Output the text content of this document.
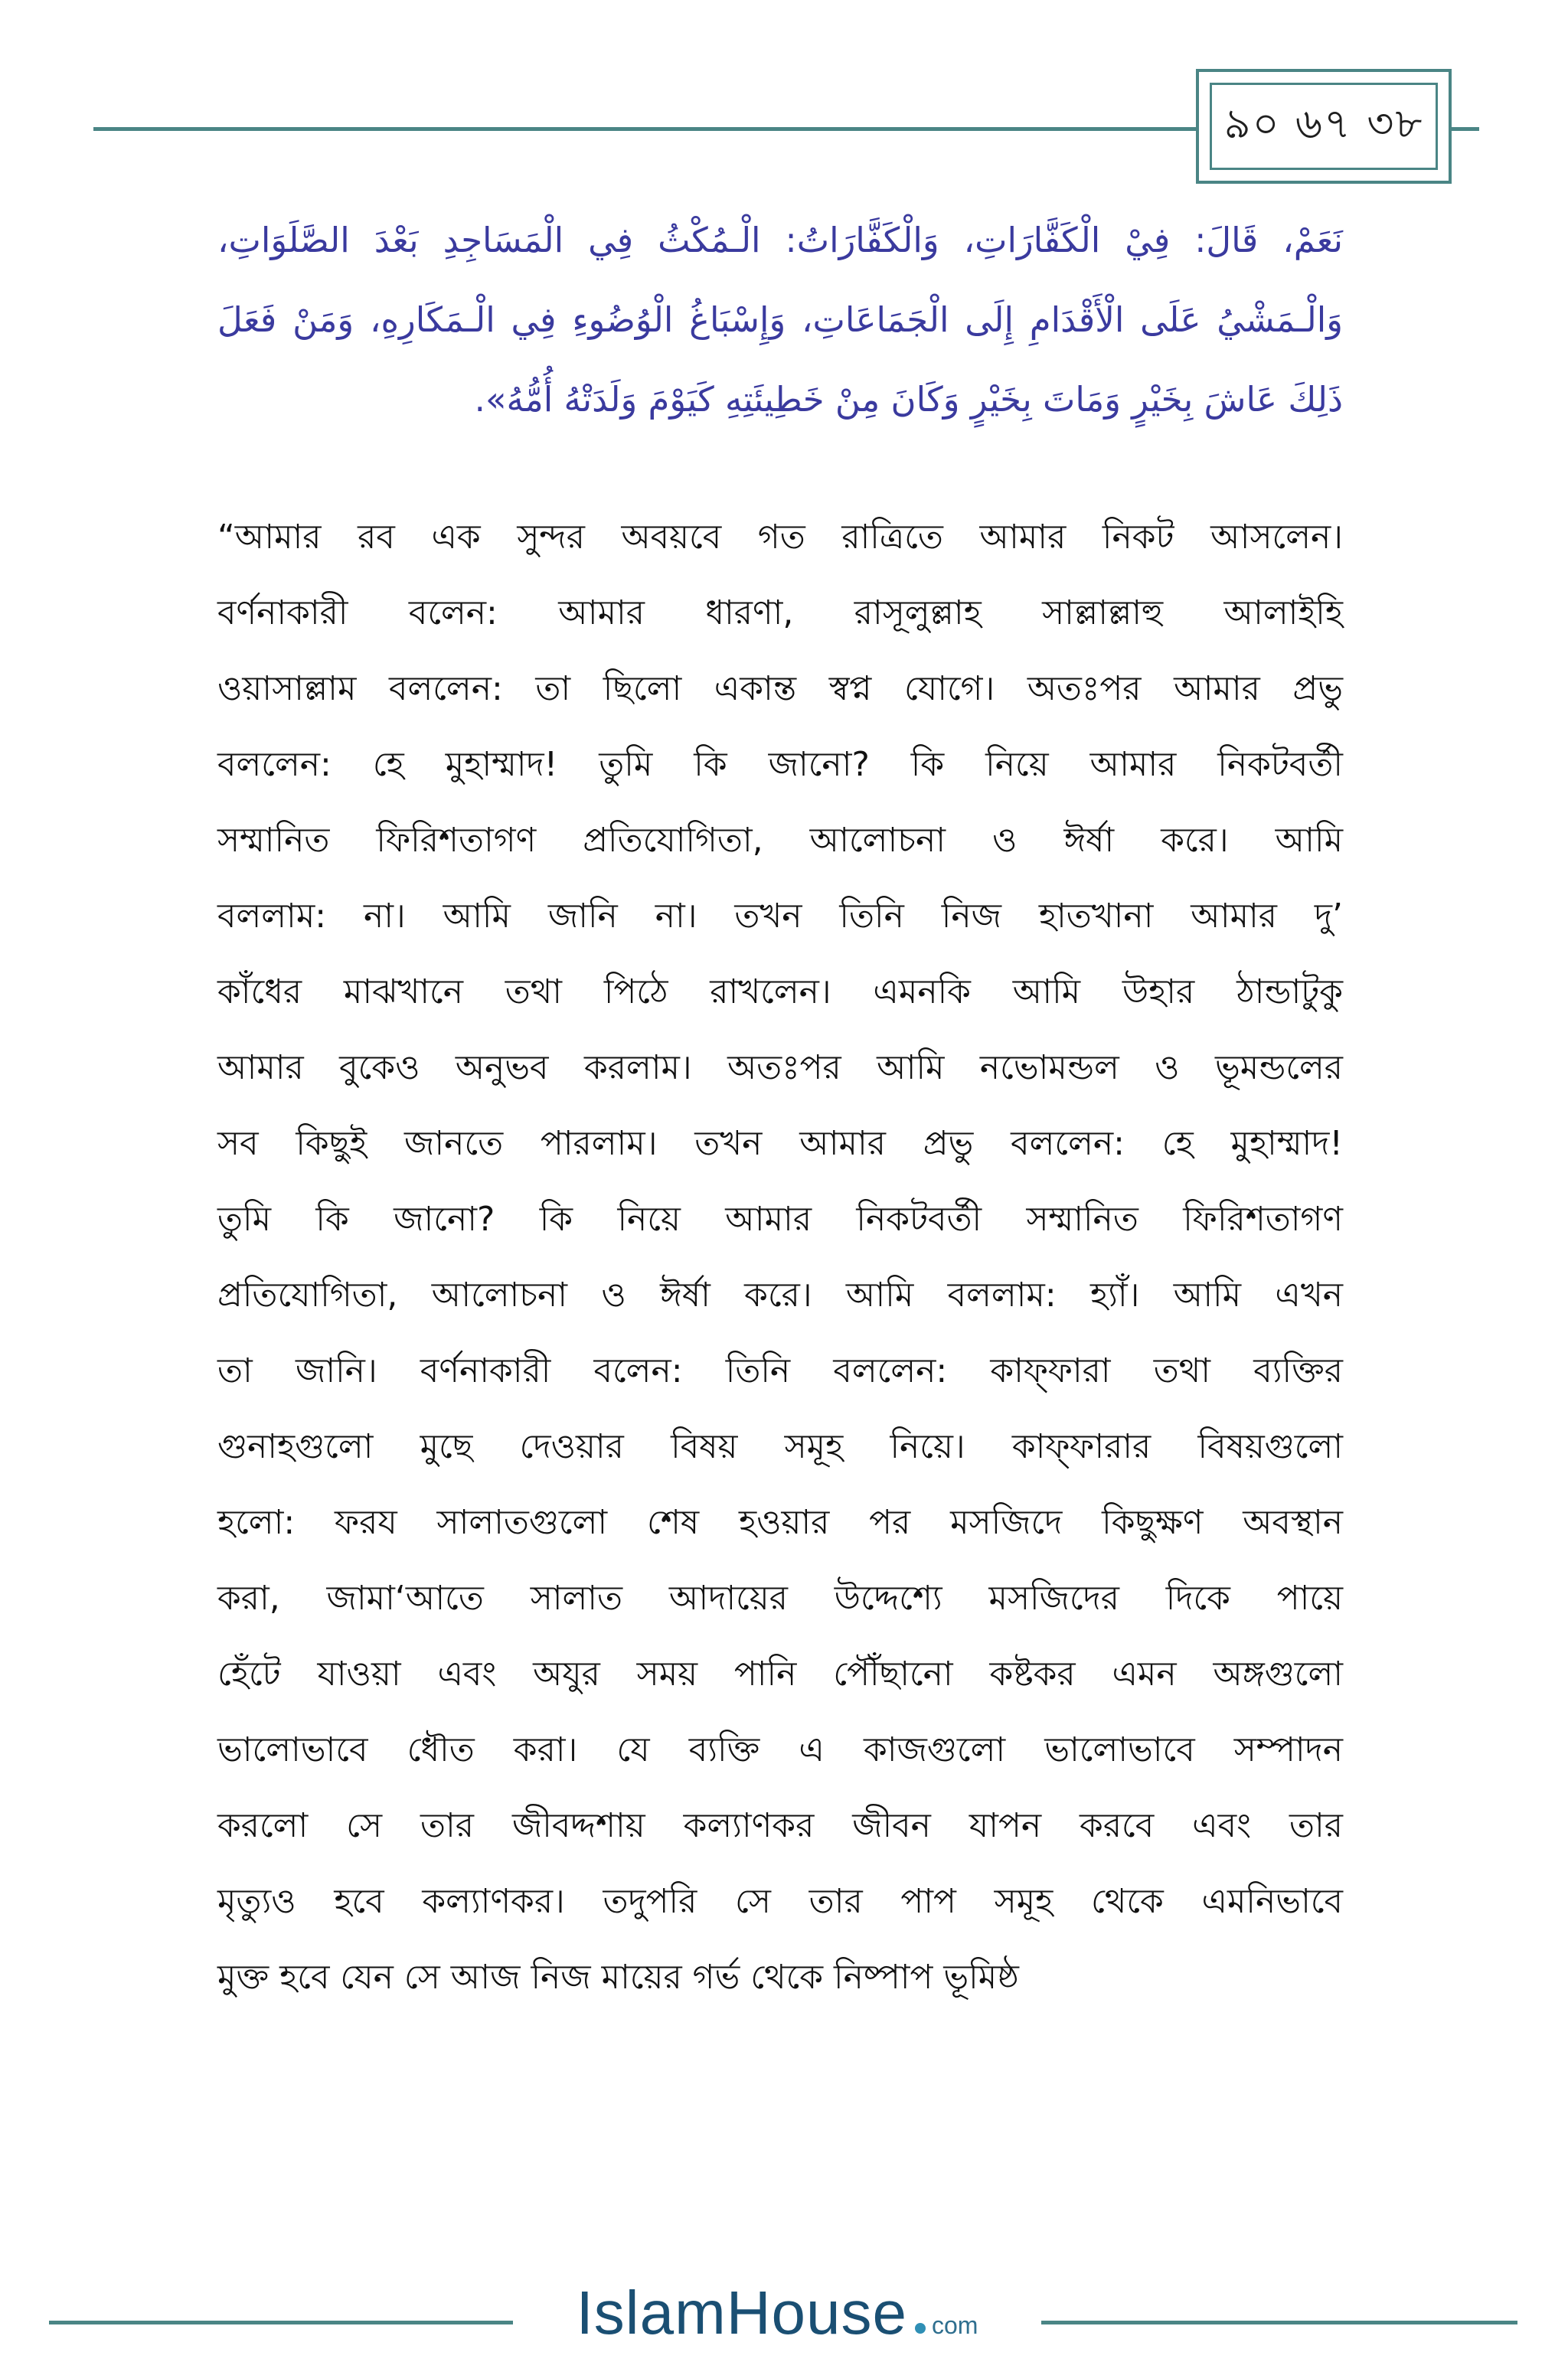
৯০ ৬৭ ৩৮
نَعَمْ، قَالَ: فِيْ الْكَفَّارَاتِ، وَالْكَفَّارَاتُ: الْـمُكْثُ فِي الْمَسَاجِدِ بَعْدَ الصَّلَوَاتِ، وَالْـمَشْيُ عَلَى الْأَقْدَامِ إِلَى الْجَمَاعَاتِ، وَإِسْبَاغُ الْوُضُوءِ فِي الْـمَكَارِهِ، وَمَنْ فَعَلَ ذَلِكَ عَاشَ بِخَيْرٍ وَمَاتَ بِخَيْرٍ وَكَانَ مِنْ خَطِيئَتِهِ كَيَوْمَ وَلَدَتْهُ أُمُّهُ».
“আমার রব এক সুন্দর অবয়বে গত রাত্রিতে আমার নিকট আসলেন।
বর্ণনাকারী বলেন: আমার ধারণা, রাসূলুল্লাহ সাল্লাল্লাহু আলাইহি
ওয়াসাল্লাম বললেন: তা ছিলো একান্ত স্বপ্ন যোগে। অতঃপর আমার প্রভু
বললেন: হে মুহাম্মাদ! তুমি কি জানো? কি নিয়ে আমার নিকটবর্তী
সম্মানিত ফিরিশতাগণ প্রতিযোগিতা, আলোচনা ও ঈর্ষা করে। আমি
বললাম: না। আমি জানি না। তখন তিনি নিজ হাতখানা আমার দু’
কাঁধের মাঝখানে তথা পিঠে রাখলেন। এমনকি আমি উহার ঠান্ডাটুকু
আমার বুকেও অনুভব করলাম। অতঃপর আমি নভোমন্ডল ও ভূমন্ডলের
সব কিছুই জানতে পারলাম। তখন আমার প্রভু বললেন: হে মুহাম্মাদ!
তুমি কি জানো? কি নিয়ে আমার নিকটবর্তী সম্মানিত ফিরিশতাগণ
প্রতিযোগিতা, আলোচনা ও ঈর্ষা করে। আমি বললাম: হ্যাঁ। আমি এখন
তা জানি। বর্ণনাকারী বলেন: তিনি বললেন: কাফ্ফারা তথা ব্যক্তির
গুনাহগুলো মুছে দেওয়ার বিষয় সমূহ নিয়ে। কাফ্ফারার বিষয়গুলো
হলো: ফরয সালাতগুলো শেষ হওয়ার পর মসজিদে কিছুক্ষণ অবস্থান
করা, জামা‘আতে সালাত আদায়ের উদ্দেশ্যে মসজিদের দিকে পায়ে
হেঁটে যাওয়া এবং অযুর সময় পানি পৌঁছানো কষ্টকর এমন অঙ্গগুলো
ভালোভাবে ধৌত করা। যে ব্যক্তি এ কাজগুলো ভালোভাবে সম্পাদন
করলো সে তার জীবদ্দশায় কল্যাণকর জীবন যাপন করবে এবং তার
মৃত্যুও হবে কল্যাণকর। তদুপরি সে তার পাপ সমূহ থেকে এমনিভাবে
মুক্ত হবে যেন সে আজ নিজ মায়ের গর্ভ থেকে নিষ্পাপ ভূমিষ্ঠ
IslamHouse com
